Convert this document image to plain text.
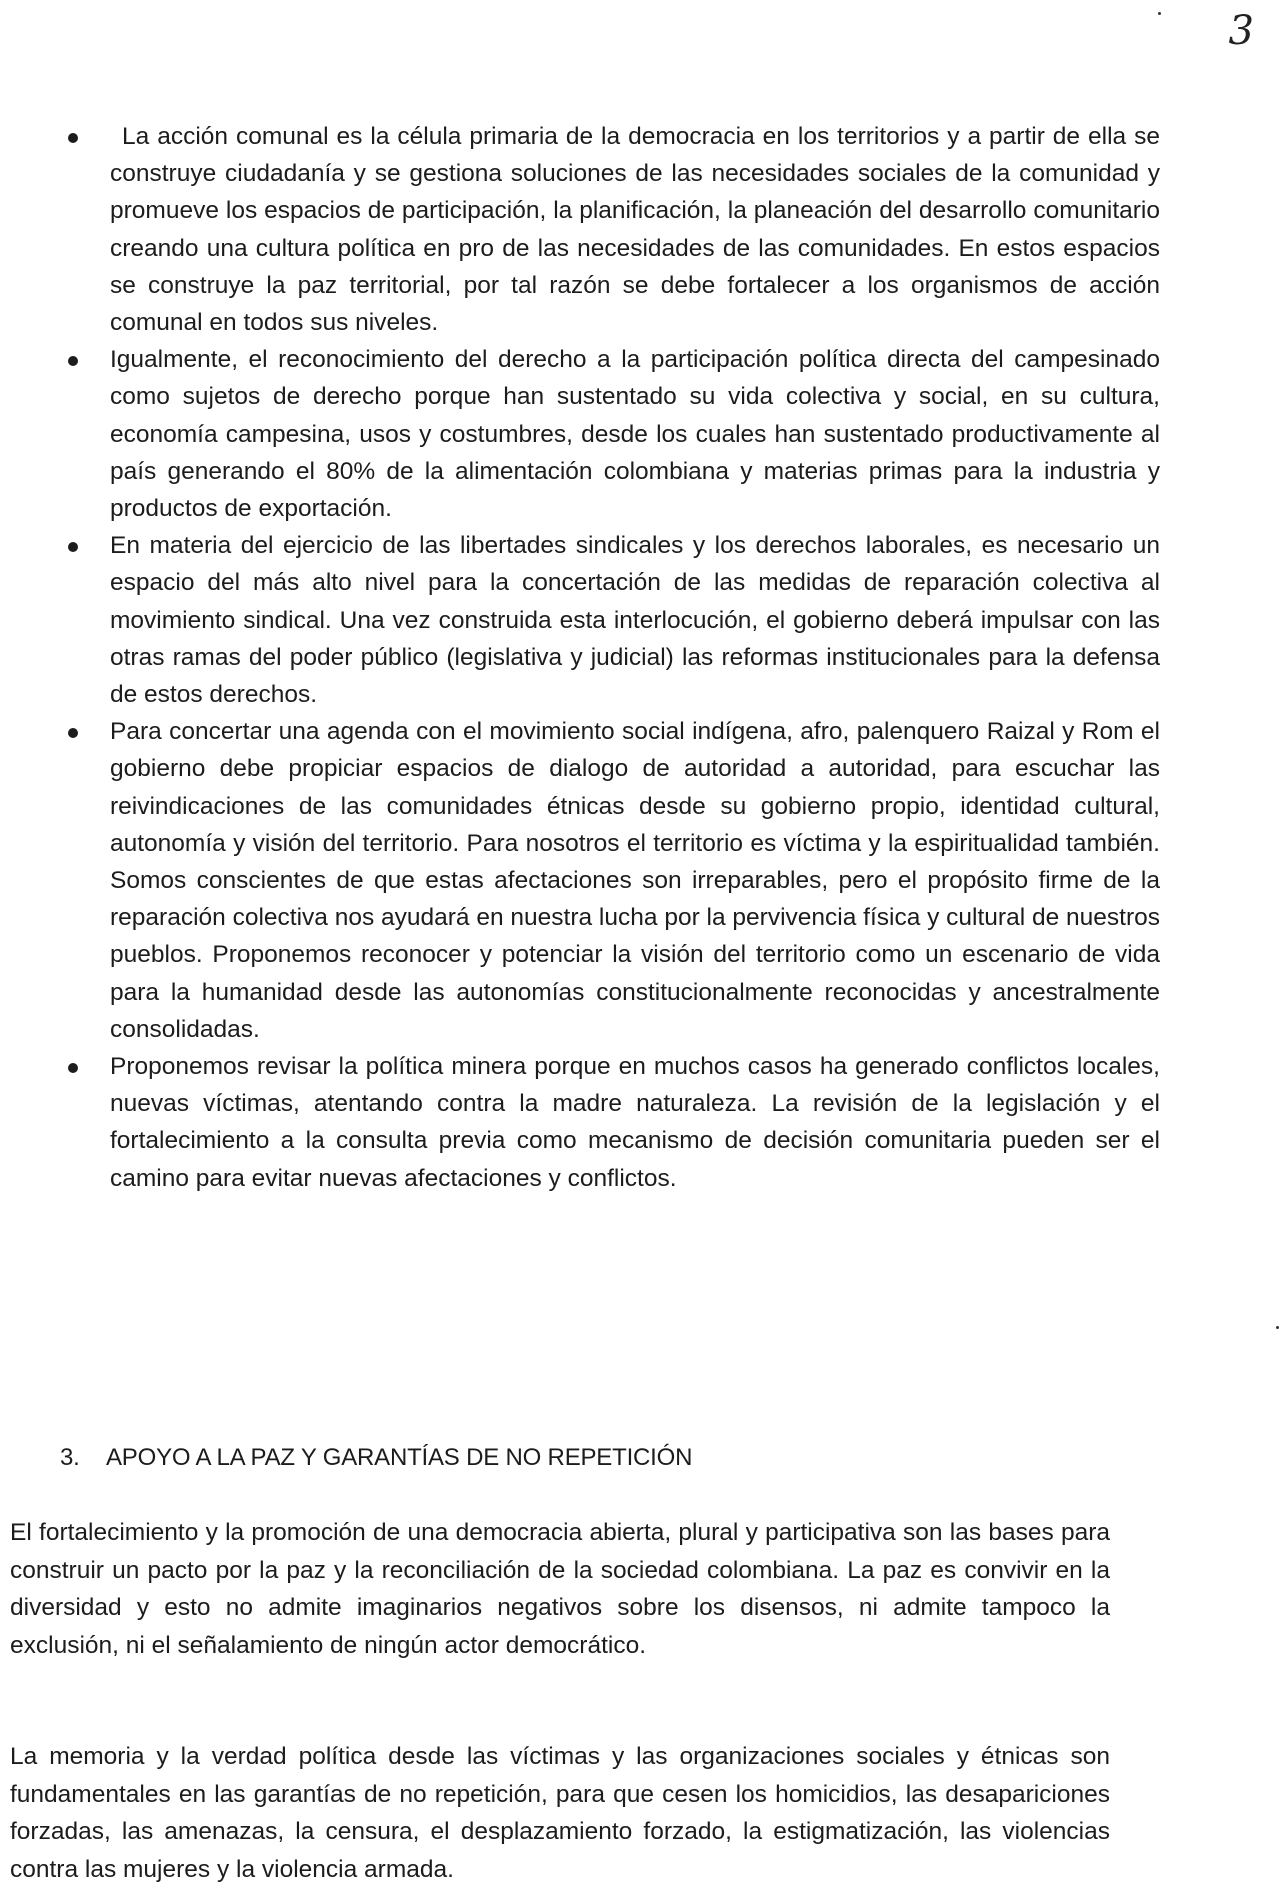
3
La acción comunal es la célula primaria de la democracia en los territorios y a partir de ella se construye ciudadanía y se gestiona soluciones de las necesidades sociales de la comunidad y promueve los espacios de participación, la planificación, la planeación del desarrollo comunitario creando una cultura política en pro de las necesidades de las comunidades. En estos espacios se construye la paz territorial, por tal razón se debe fortalecer a los organismos de acción comunal en todos sus niveles.
Igualmente, el reconocimiento del derecho a la participación política directa del campesinado como sujetos de derecho porque han sustentado su vida colectiva y social, en su cultura, economía campesina, usos y costumbres, desde los cuales han sustentado productivamente al país generando el 80% de la alimentación colombiana y materias primas para la industria y productos de exportación.
En materia del ejercicio de las libertades sindicales y los derechos laborales, es necesario un espacio del más alto nivel para la concertación de las medidas de reparación colectiva al movimiento sindical. Una vez construida esta interlocución, el gobierno deberá impulsar con las otras ramas del poder público (legislativa y judicial) las reformas institucionales para la defensa de estos derechos.
Para concertar una agenda con el movimiento social indígena, afro, palenquero Raizal y Rom el gobierno debe propiciar espacios de dialogo de autoridad a autoridad, para escuchar las reivindicaciones de las comunidades étnicas desde su gobierno propio, identidad cultural, autonomía y visión del territorio. Para nosotros el territorio es víctima y la espiritualidad también. Somos conscientes de que estas afectaciones son irreparables, pero el propósito firme de la reparación colectiva nos ayudará en nuestra lucha por la pervivencia física y cultural de nuestros pueblos. Proponemos reconocer y potenciar la visión del territorio como un escenario de vida para la humanidad desde las autonomías constitucionalmente reconocidas y ancestralmente consolidadas.
Proponemos revisar la política minera porque en muchos casos ha generado conflictos locales, nuevas víctimas, atentando contra la madre naturaleza. La revisión de la legislación y el fortalecimiento a la consulta previa como mecanismo de decisión comunitaria pueden ser el camino para evitar nuevas afectaciones y conflictos.
3. APOYO A LA PAZ Y GARANTÍAS DE NO REPETICIÓN

El fortalecimiento y la promoción de una democracia abierta, plural y participativa son las bases para construir un pacto por la paz y la reconciliación de la sociedad colombiana. La paz es convivir en la diversidad y esto no admite imaginarios negativos sobre los disensos, ni admite tampoco la exclusión, ni el señalamiento de ningún actor democrático.

La memoria y la verdad política desde las víctimas y las organizaciones sociales y étnicas son fundamentales en las garantías de no repetición, para que cesen los homicidios, las desapariciones forzadas, las amenazas, la censura, el desplazamiento forzado, la estigmatización, las violencias contra las mujeres y la violencia armada.
